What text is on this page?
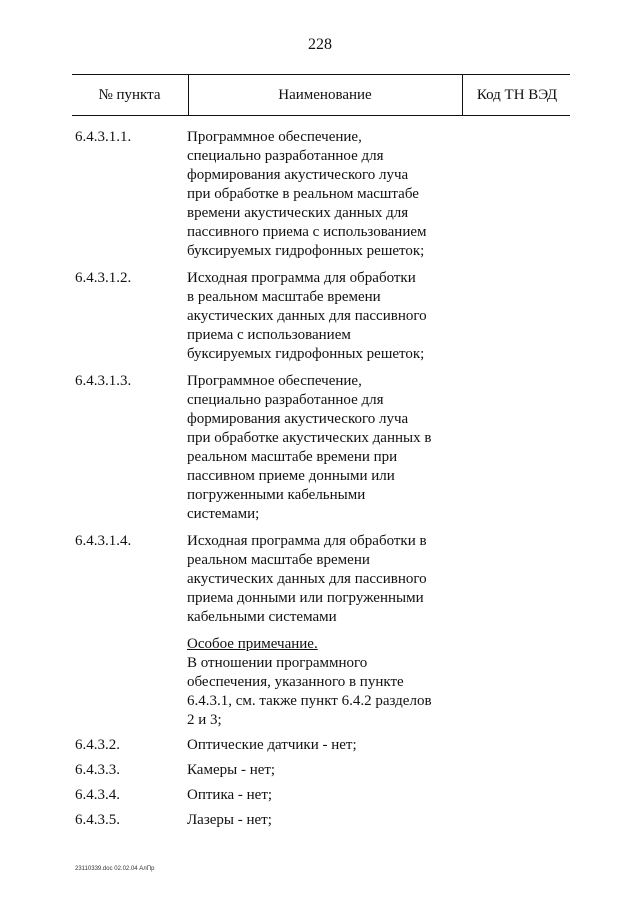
228
№ пункта	Наименование	Код ТН ВЭД
6.4.3.1.1.	Программное обеспечение,
специально разработанное для
формирования акустического луча
при обработке в реальном масштабе
времени акустических данных для
пассивного приема с использованием
буксируемых гидрофонных решеток;
6.4.3.1.2.	Исходная программа для обработки
в реальном масштабе времени
акустических данных для пассивного
приема с использованием
буксируемых гидрофонных решеток;
6.4.3.1.3.	Программное обеспечение,
специально разработанное для
формирования акустического луча
при обработке акустических данных в
реальном масштабе времени при
пассивном приеме донными или
погруженными кабельными
системами;
6.4.3.1.4.	Исходная программа для обработки в
реальном масштабе времени
акустических данных для пассивного
приема донными или погруженными
кабельными системами
Особое примечание.
В отношении программного
обеспечения, указанного в пункте
6.4.3.1, см. также пункт 6.4.2 разделов
2 и 3;
6.4.3.2.	Оптические датчики - нет;
6.4.3.3.	Камеры - нет;
6.4.3.4.	Оптика - нет;
6.4.3.5.	Лазеры - нет;
23110339.doc 02.02.04 АлПр
